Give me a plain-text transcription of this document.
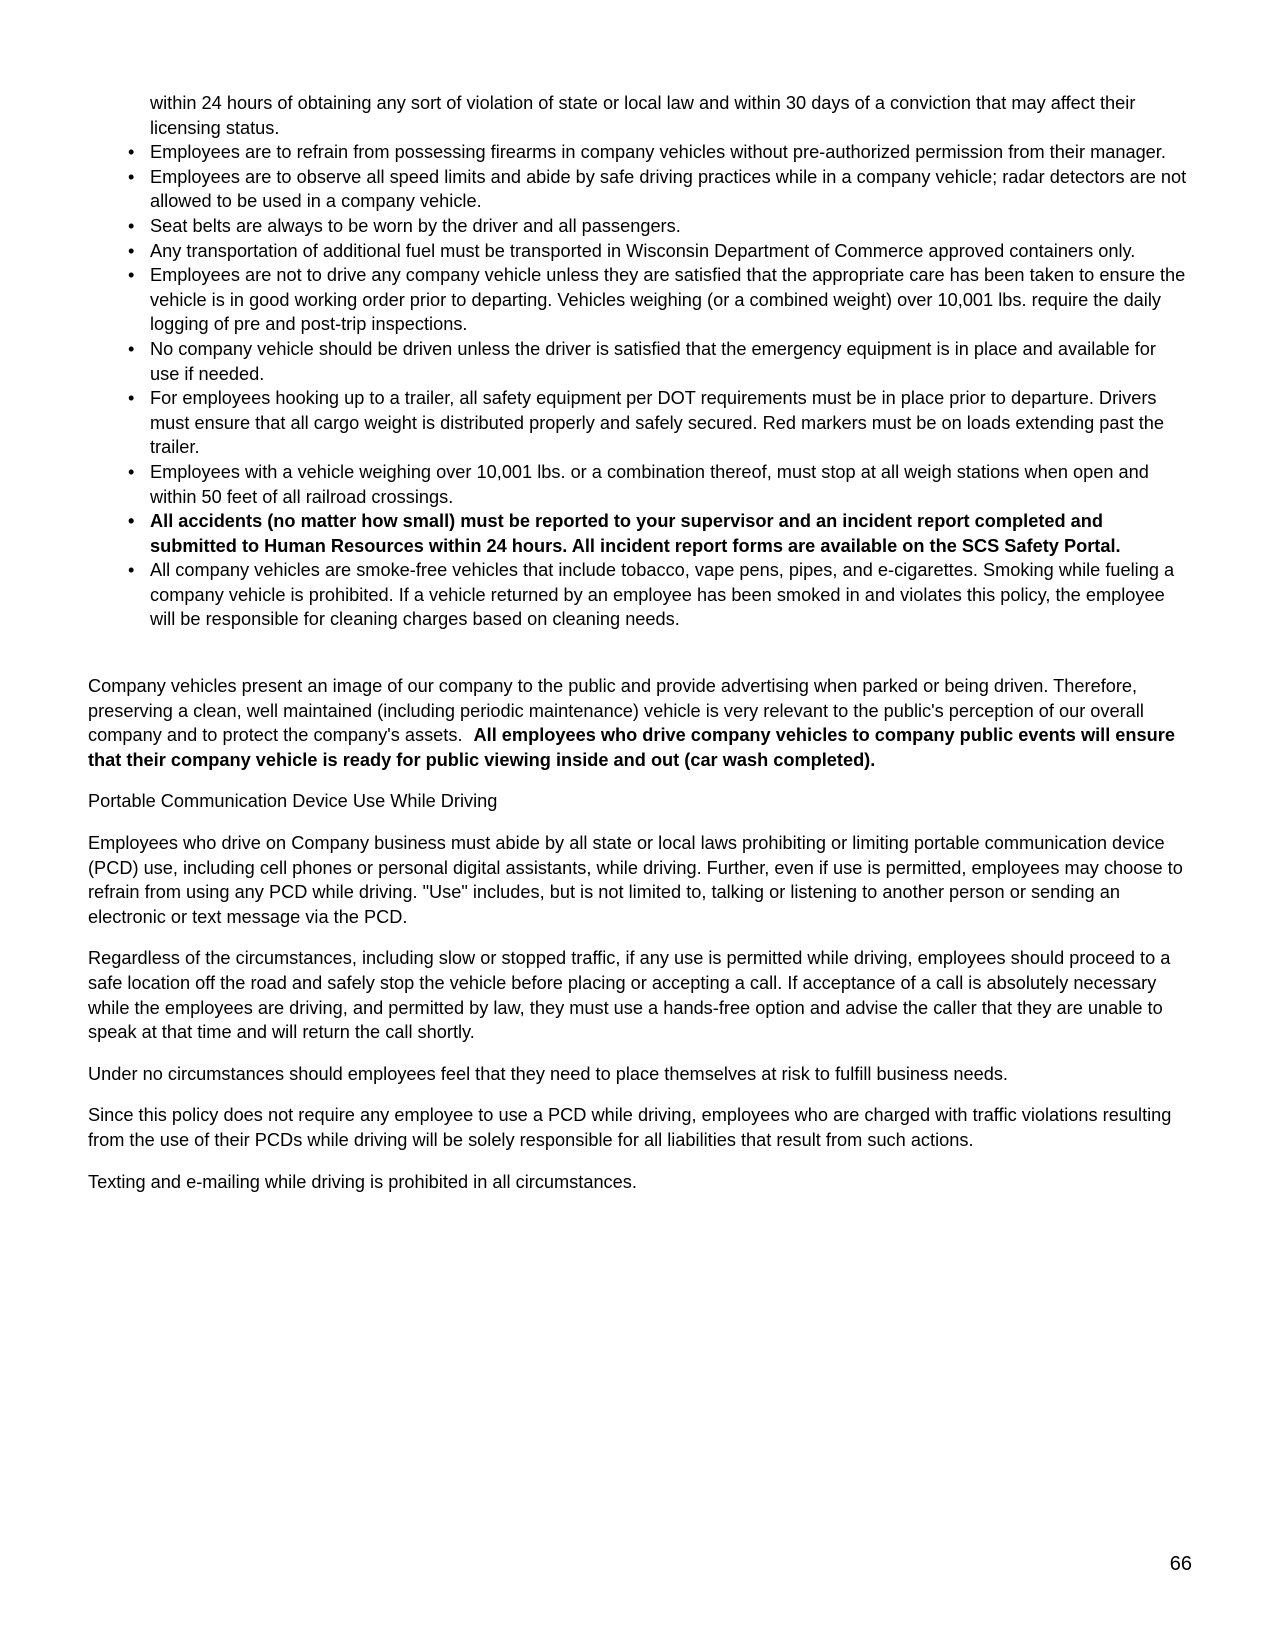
within 24 hours of obtaining any sort of violation of state or local law and within 30 days of a conviction that may affect their licensing status.
• Employees are to refrain from possessing firearms in company vehicles without pre-authorized permission from their manager.
• Employees are to observe all speed limits and abide by safe driving practices while in a company vehicle; radar detectors are not allowed to be used in a company vehicle.
• Seat belts are always to be worn by the driver and all passengers.
• Any transportation of additional fuel must be transported in Wisconsin Department of Commerce approved containers only.
• Employees are not to drive any company vehicle unless they are satisfied that the appropriate care has been taken to ensure the vehicle is in good working order prior to departing. Vehicles weighing (or a combined weight) over 10,001 lbs. require the daily logging of pre and post-trip inspections.
• No company vehicle should be driven unless the driver is satisfied that the emergency equipment is in place and available for use if needed.
• For employees hooking up to a trailer, all safety equipment per DOT requirements must be in place prior to departure. Drivers must ensure that all cargo weight is distributed properly and safely secured. Red markers must be on loads extending past the trailer.
• Employees with a vehicle weighing over 10,001 lbs. or a combination thereof, must stop at all weigh stations when open and within 50 feet of all railroad crossings.
• All accidents (no matter how small) must be reported to your supervisor and an incident report completed and submitted to Human Resources within 24 hours. All incident report forms are available on the SCS Safety Portal.
• All company vehicles are smoke-free vehicles that include tobacco, vape pens, pipes, and e-cigarettes. Smoking while fueling a company vehicle is prohibited. If a vehicle returned by an employee has been smoked in and violates this policy, the employee will be responsible for cleaning charges based on cleaning needs.

Company vehicles present an image of our company to the public and provide advertising when parked or being driven. Therefore, preserving a clean, well maintained (including periodic maintenance) vehicle is very relevant to the public's perception of our overall company and to protect the company's assets. All employees who drive company vehicles to company public events will ensure that their company vehicle is ready for public viewing inside and out (car wash completed).

Portable Communication Device Use While Driving

Employees who drive on Company business must abide by all state or local laws prohibiting or limiting portable communication device (PCD) use, including cell phones or personal digital assistants, while driving. Further, even if use is permitted, employees may choose to refrain from using any PCD while driving. "Use" includes, but is not limited to, talking or listening to another person or sending an electronic or text message via the PCD.

Regardless of the circumstances, including slow or stopped traffic, if any use is permitted while driving, employees should proceed to a safe location off the road and safely stop the vehicle before placing or accepting a call. If acceptance of a call is absolutely necessary while the employees are driving, and permitted by law, they must use a hands-free option and advise the caller that they are unable to speak at that time and will return the call shortly.

Under no circumstances should employees feel that they need to place themselves at risk to fulfill business needs.

Since this policy does not require any employee to use a PCD while driving, employees who are charged with traffic violations resulting from the use of their PCDs while driving will be solely responsible for all liabilities that result from such actions.

Texting and e-mailing while driving is prohibited in all circumstances.

66
